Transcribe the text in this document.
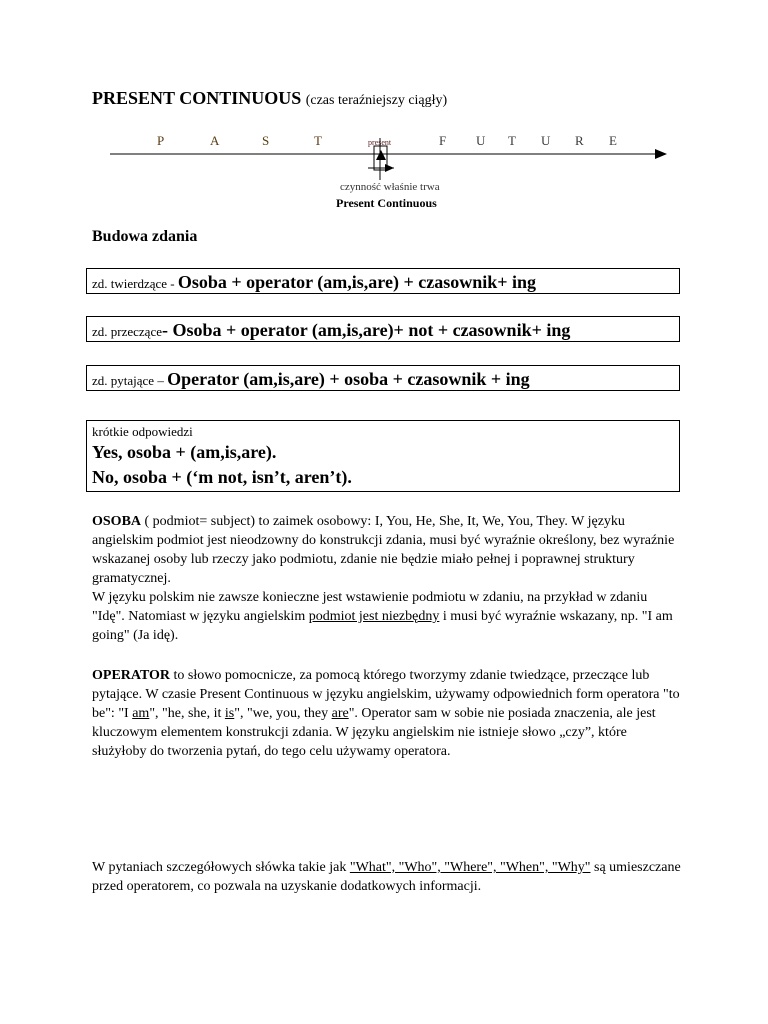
PRESENT CONTINUOUS (czas teraźniejszy ciągły)
P	A	S	T	present	F U T U R E
czynność właśnie trwa
Present Continuous
Budowa zdania
zd. twierdzące - Osoba + operator (am,is,are) + czasownik+ ing
zd. przeczące- Osoba + operator (am,is,are)+ not + czasownik+ ing
zd. pytające – Operator (am,is,are) + osoba + czasownik + ing
krótkie odpowiedzi
Yes, osoba + (am,is,are).
No, osoba + (‘m not, isn’t, aren’t).
OSOBA ( podmiot= subject) to zaimek osobowy: I, You, He, She, It, We, You, They. W języku angielskim podmiot jest nieodzowny do konstrukcji zdania, musi być wyraźnie określony, bez wyraźnie wskazanej osoby lub rzeczy jako podmiotu, zdanie nie będzie miało pełnej i poprawnej struktury gramatycznej.
W języku polskim nie zawsze konieczne jest wstawienie podmiotu w zdaniu, na przykład w zdaniu "Idę". Natomiast w języku angielskim podmiot jest niezbędny i musi być wyraźnie wskazany, np. "I am going" (Ja idę).
OPERATOR to słowo pomocnicze, za pomocą którego tworzymy zdanie twiedzące, przeczące lub pytające. W czasie Present Continuous w języku angielskim, używamy odpowiednich form operatora "to be": "I am", "he, she, it is", "we, you, they are". Operator sam w sobie nie posiada znaczenia, ale jest kluczowym elementem konstrukcji zdania. W języku angielskim nie istnieje słowo „czy”, które służyłoby do tworzenia pytań, do tego celu używamy operatora.
W pytaniach szczegółowych słówka takie jak "What", "Who", "Where", "When", "Why" są umieszczane przed operatorem, co pozwala na uzyskanie dodatkowych informacji.
